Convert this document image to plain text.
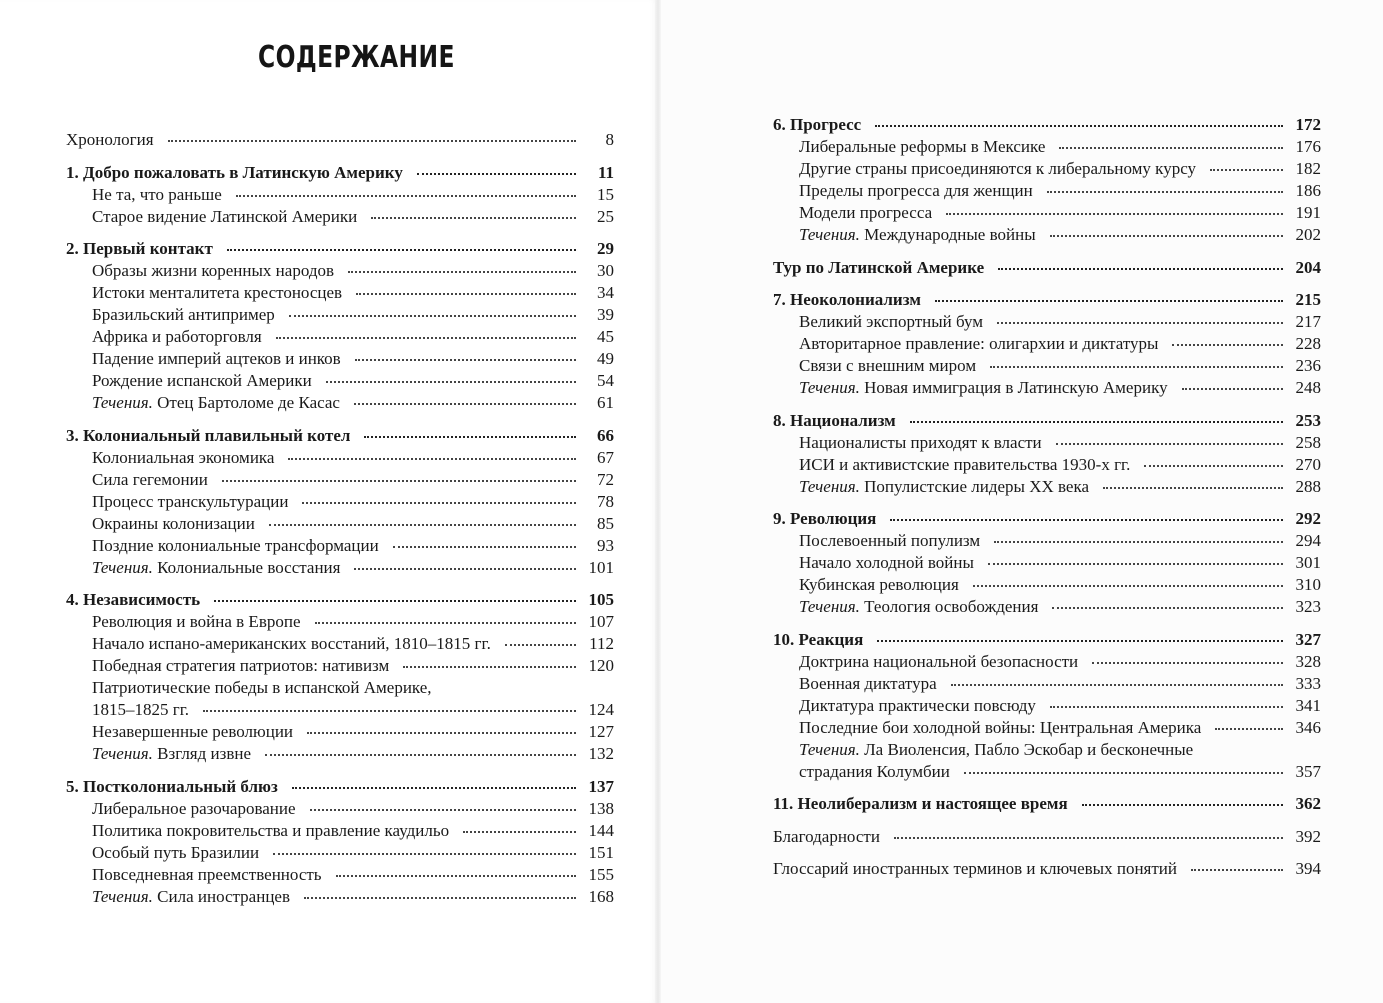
СОДЕРЖАНИЕ
Хронология	8
1. Добро пожаловать в Латинскую Америку	11
Не та, что раньше	15
Старое видение Латинской Америки	25
2. Первый контакт	29
Образы жизни коренных народов	30
Истоки менталитета крестоносцев	34
Бразильский антипример	39
Африка и работорговля	45
Падение империй ацтеков и инков	49
Рождение испанской Америки	54
Течения. Отец Бартоломе де Касас	61
3. Колониальный плавильный котел	66
Колониальная экономика	67
Сила гегемонии	72
Процесс транскультурации	78
Окраины колонизации	85
Поздние колониальные трансформации	93
Течения. Колониальные восстания	101
4. Независимость	105
Революция и война в Европе	107
Начало испано-американских восстаний, 1810–1815 гг.	112
Победная стратегия патриотов: нативизм	120
Патриотические победы в испанской Америке,
1815–1825 гг.	124
Незавершенные революции	127
Течения. Взгляд извне	132
5. Постколониальный блюз	137
Либеральное разочарование	138
Политика покровительства и правление каудильо	144
Особый путь Бразилии	151
Повседневная преемственность	155
Течения. Сила иностранцев	168
6. Прогресс	172
Либеральные реформы в Мексике	176
Другие страны присоединяются к либеральному курсу	182
Пределы прогресса для женщин	186
Модели прогресса	191
Течения. Международные войны	202
Тур по Латинской Америке	204
7. Неоколониализм	215
Великий экспортный бум	217
Авторитарное правление: олигархии и диктатуры	228
Связи с внешним миром	236
Течения. Новая иммиграция в Латинскую Америку	248
8. Национализм	253
Националисты приходят к власти	258
ИСИ и активистские правительства 1930-х гг.	270
Течения. Популистские лидеры XX века	288
9. Революция	292
Послевоенный популизм	294
Начало холодной войны	301
Кубинская революция	310
Течения. Теология освобождения	323
10. Реакция	327
Доктрина национальной безопасности	328
Военная диктатура	333
Диктатура практически повсюду	341
Последние бои холодной войны: Центральная Америка	346
Течения. Ла Виоленсия, Пабло Эскобар и бесконечные
страдания Колумбии	357
11. Неолиберализм и настоящее время	362
Благодарности	392
Глоссарий иностранных терминов и ключевых понятий	394
